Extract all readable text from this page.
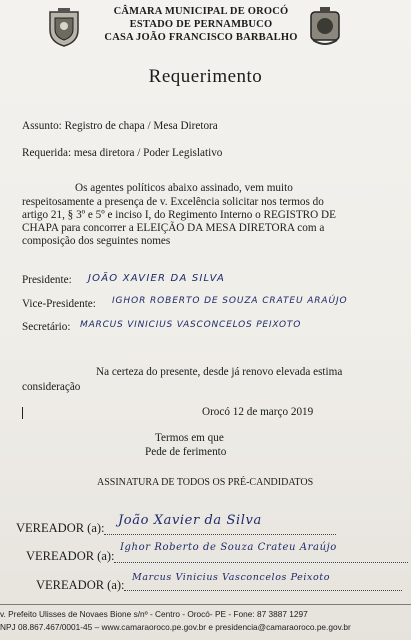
CÂMARA MUNICIPAL DE OROCÓ
ESTADO DE PERNAMBUCO
CASA JOÃO FRANCISCO BARBALHO
Requerimento
Assunto: Registro de chapa / Mesa Diretora
Requerida: mesa diretora / Poder Legislativo
Os agentes políticos abaixo assinado, vem muito
respeitosamente a presença de v. Excelência solicitar nos termos do
artigo 21, § 3º e 5º e inciso I, do Regimento Interno o REGISTRO DE
CHAPA para concorrer a ELEIÇÃO DA MESA DIRETORA com a
composição dos seguintes nomes
Presidente: JOÃO XAVIER DA SILVA
Vice-Presidente: IGHOR ROBERTO DE SOUZA CRATEU ARAÚJO
Secretário: MARCUS VINICIUS VASCONCELOS PEIXOTO
Na certeza do presente, desde já renovo elevada estima
consideração
Orocó 12 de março 2019
Termos em que
Pede de ferimento
ASSINATURA DE TODOS OS PRÉ-CANDIDATOS
VEREADOR (a): João Xavier da Silva
VEREADOR (a):
Ighor Roberto de Souza Crateu Araújo
VEREADOR (a):
Marcus Vinicius Vasconcelos Peixoto
v. Prefeito Ulisses de Novaes Bione s/nº - Centro - Orocó- PE - Fone: 87 3887 1297
NPJ 08.867.467/0001-45 – www.camaraoroco.pe.gov.br e presidencia@camaraoroco.pe.gov.br
